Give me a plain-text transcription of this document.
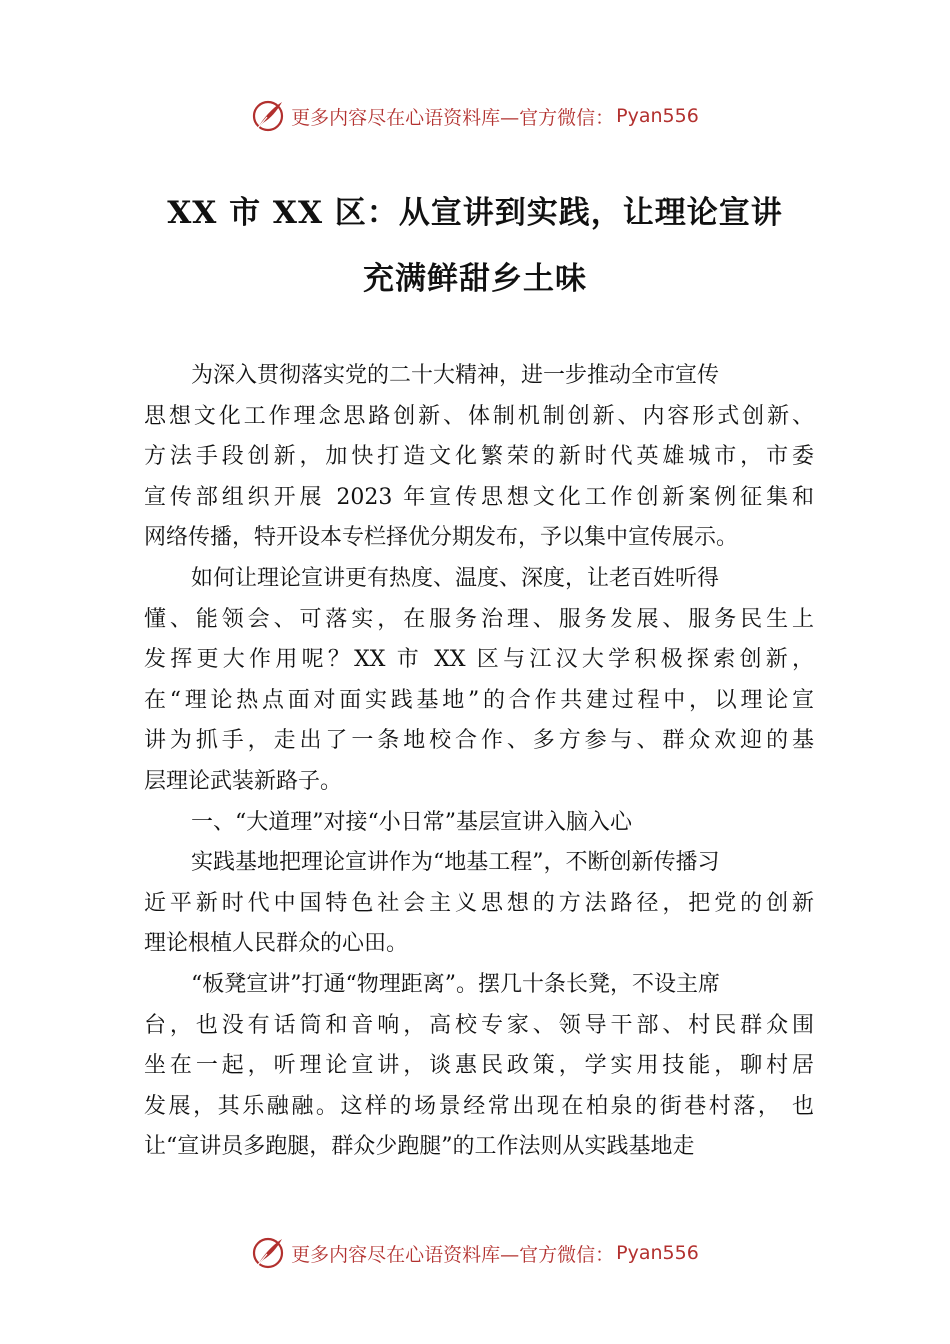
更多内容尽在心语资料库—官方微信： Pyan556
XX 市 XX 区：从宣讲到实践，让理论宣讲
充满鲜甜乡土味
为深入贯彻落实党的二十大精神，进一步推动全市宣传
思想文化工作理念思路创新、体制机制创新、内容形式创新、
方法手段创新，加快打造文化繁荣的新时代英雄城市，市委
宣传部组织开展 2023 年宣传思想文化工作创新案例征集和
网络传播，特开设本专栏择优分期发布，予以集中宣传展示。
如何让理论宣讲更有热度、温度、深度，让老百姓听得
懂、能领会、可落实，在服务治理、服务发展、服务民生上
发挥更大作用呢？XX 市 XX 区与江汉大学积极探索创新，
在“理论热点面对面实践基地”的合作共建过程中，以理论宣
讲为抓手，走出了一条地校合作、多方参与、群众欢迎的基
层理论武装新路子。
一、“大道理”对接“小日常”基层宣讲入脑入心
实践基地把理论宣讲作为“地基工程”，不断创新传播习
近平新时代中国特色社会主义思想的方法路径，把党的创新
理论根植人民群众的心田。
“板凳宣讲”打通“物理距离”。摆几十条长凳，不设主席
台，也没有话筒和音响，高校专家、领导干部、村民群众围
坐在一起，听理论宣讲，谈惠民政策，学实用技能，聊村居
发展，其乐融融。这样的场景经常出现在柏泉的街巷村落， 也
让“宣讲员多跑腿，群众少跑腿”的工作法则从实践基地走
更多内容尽在心语资料库—官方微信： Pyan556
